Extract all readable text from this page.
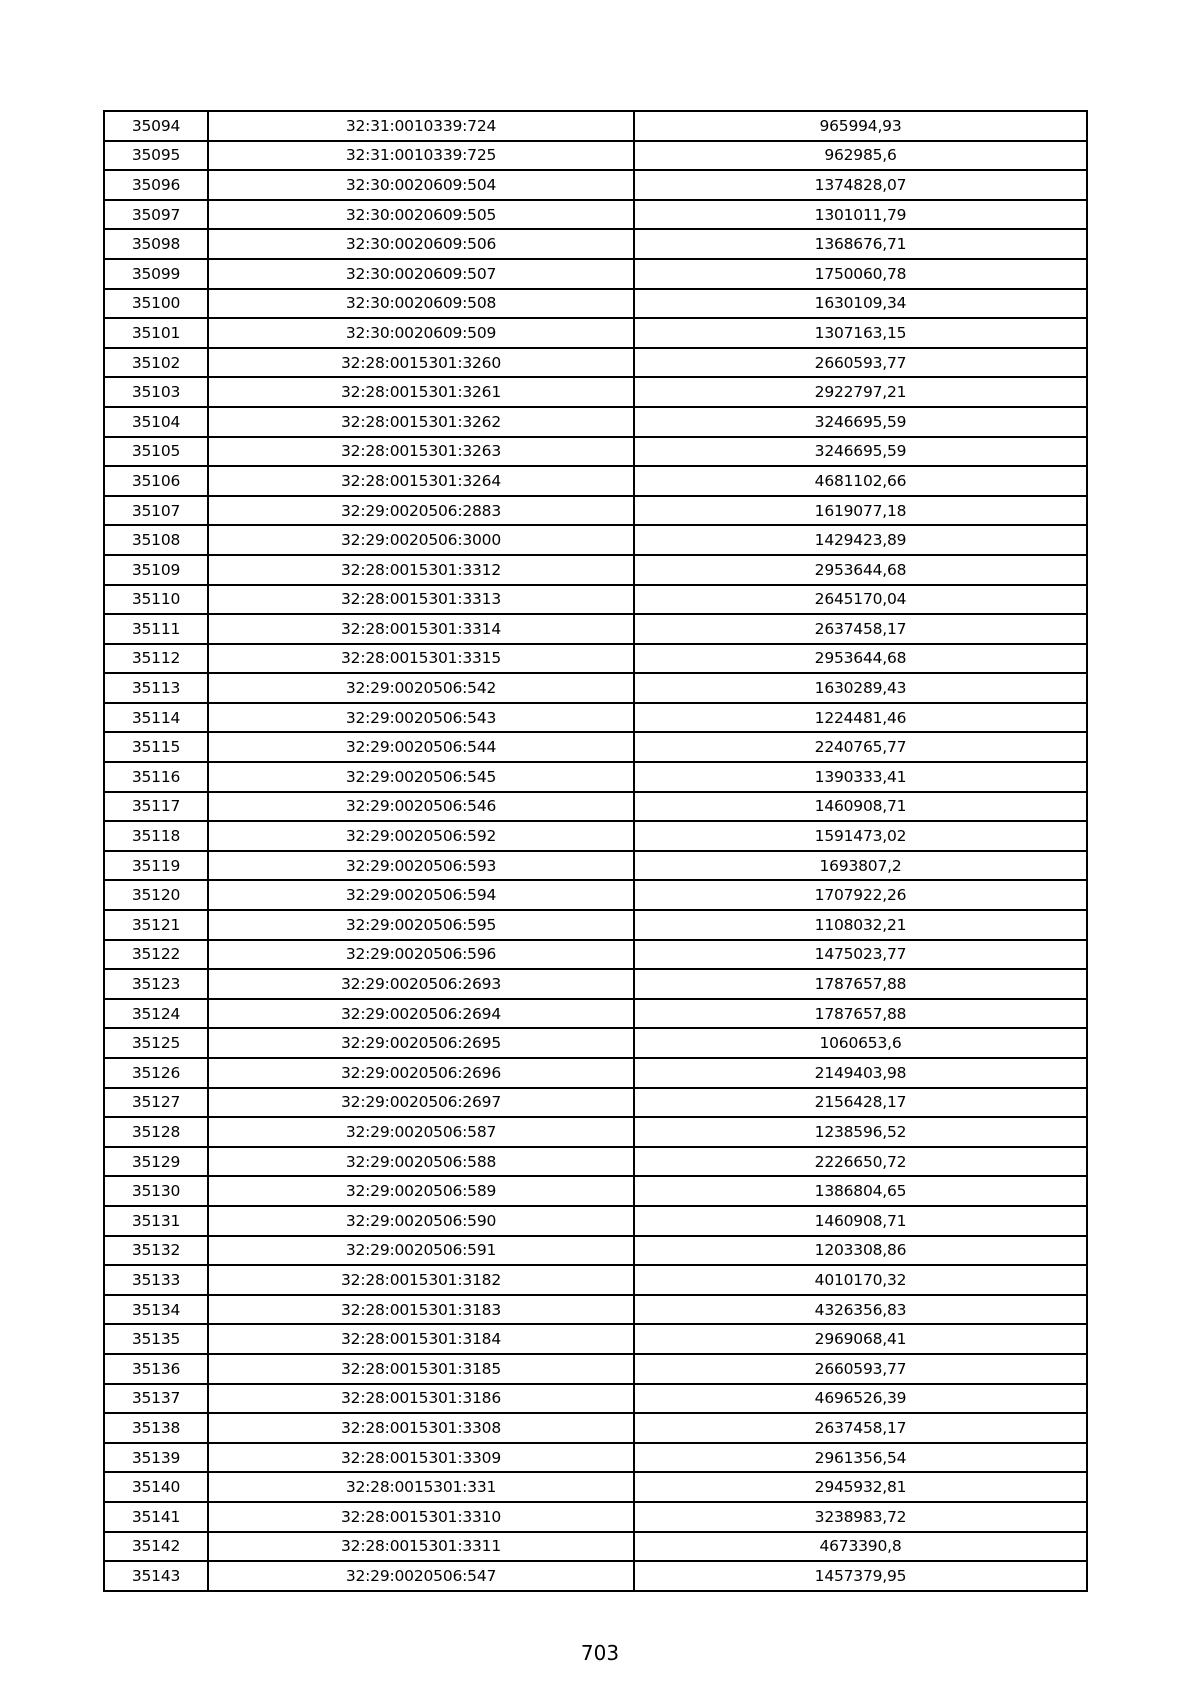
35094	32:31:0010339:724	965994,93
35095	32:31:0010339:725	962985,6
35096	32:30:0020609:504	1374828,07
35097	32:30:0020609:505	1301011,79
35098	32:30:0020609:506	1368676,71
35099	32:30:0020609:507	1750060,78
35100	32:30:0020609:508	1630109,34
35101	32:30:0020609:509	1307163,15
35102	32:28:0015301:3260	2660593,77
35103	32:28:0015301:3261	2922797,21
35104	32:28:0015301:3262	3246695,59
35105	32:28:0015301:3263	3246695,59
35106	32:28:0015301:3264	4681102,66
35107	32:29:0020506:2883	1619077,18
35108	32:29:0020506:3000	1429423,89
35109	32:28:0015301:3312	2953644,68
35110	32:28:0015301:3313	2645170,04
35111	32:28:0015301:3314	2637458,17
35112	32:28:0015301:3315	2953644,68
35113	32:29:0020506:542	1630289,43
35114	32:29:0020506:543	1224481,46
35115	32:29:0020506:544	2240765,77
35116	32:29:0020506:545	1390333,41
35117	32:29:0020506:546	1460908,71
35118	32:29:0020506:592	1591473,02
35119	32:29:0020506:593	1693807,2
35120	32:29:0020506:594	1707922,26
35121	32:29:0020506:595	1108032,21
35122	32:29:0020506:596	1475023,77
35123	32:29:0020506:2693	1787657,88
35124	32:29:0020506:2694	1787657,88
35125	32:29:0020506:2695	1060653,6
35126	32:29:0020506:2696	2149403,98
35127	32:29:0020506:2697	2156428,17
35128	32:29:0020506:587	1238596,52
35129	32:29:0020506:588	2226650,72
35130	32:29:0020506:589	1386804,65
35131	32:29:0020506:590	1460908,71
35132	32:29:0020506:591	1203308,86
35133	32:28:0015301:3182	4010170,32
35134	32:28:0015301:3183	4326356,83
35135	32:28:0015301:3184	2969068,41
35136	32:28:0015301:3185	2660593,77
35137	32:28:0015301:3186	4696526,39
35138	32:28:0015301:3308	2637458,17
35139	32:28:0015301:3309	2961356,54
35140	32:28:0015301:331	2945932,81
35141	32:28:0015301:3310	3238983,72
35142	32:28:0015301:3311	4673390,8
35143	32:29:0020506:547	1457379,95
703
